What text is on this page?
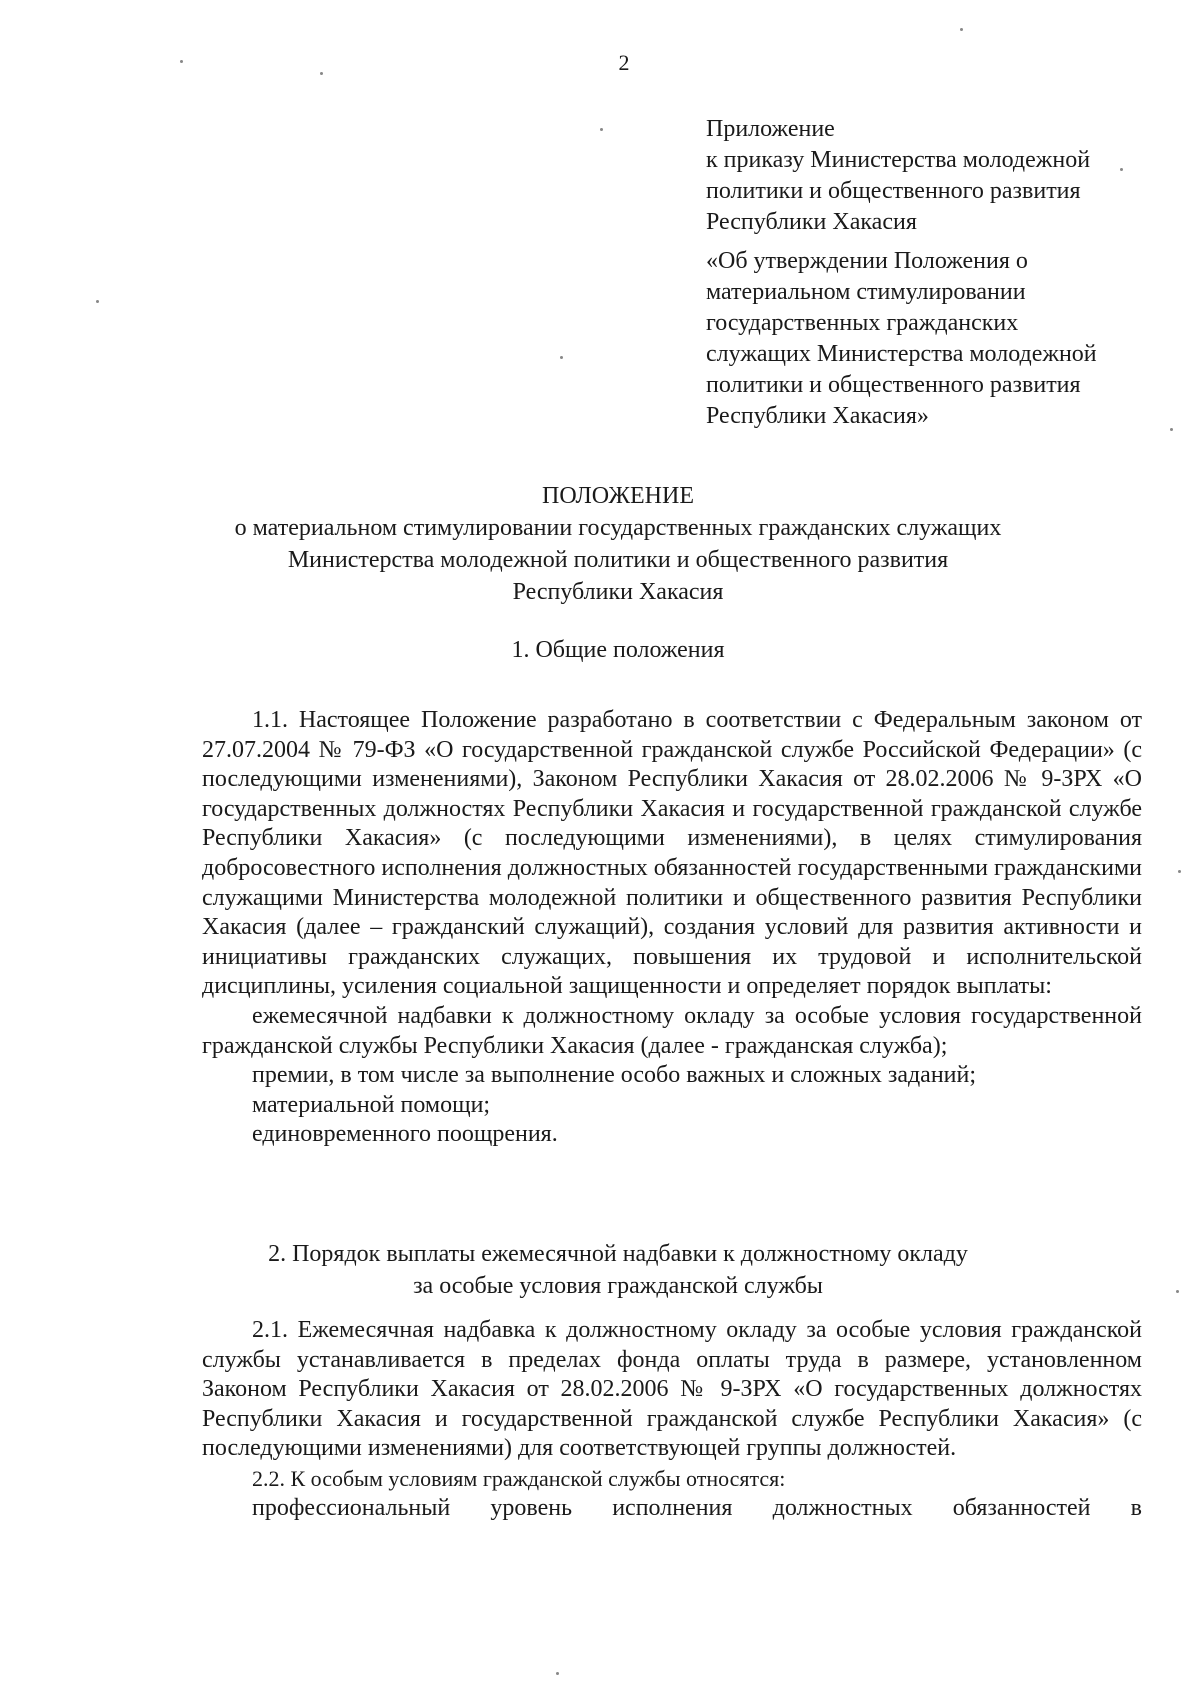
2
Приложение
к приказу Министерства молодежной
политики и общественного развития
Республики Хакасия
«Об утверждении Положения о
материальном стимулировании
государственных гражданских
служащих Министерства молодежной
политики и общественного развития
Республики Хакасия»
ПОЛОЖЕНИЕ
о материальном стимулировании государственных гражданских служащих
Министерства молодежной политики и общественного развития
Республики Хакасия
1. Общие положения
1.1. Настоящее Положение разработано в соответствии с Федеральным законом от 27.07.2004 № 79-ФЗ «О государственной гражданской службе Российской Федерации» (с последующими изменениями), Законом Республики Хакасия от 28.02.2006 № 9-ЗРХ «О государственных должностях Республики Хакасия и государственной гражданской службе Республики Хакасия» (с последующими изменениями), в целях стимулирования добросовестного исполнения должностных обязанностей государственными гражданскими служащими Министерства молодежной политики и общественного развития Республики Хакасия (далее – гражданский служащий), создания условий для развития активности и инициативы гражданских служащих, повышения их трудовой и исполнительской дисциплины, усиления социальной защищенности и определяет порядок выплаты:
ежемесячной надбавки к должностному окладу за особые условия государственной гражданской службы Республики Хакасия (далее - гражданская служба);
премии, в том числе за выполнение особо важных и сложных заданий;
материальной помощи;
единовременного поощрения.
2. Порядок выплаты ежемесячной надбавки к должностному окладу
за особые условия гражданской службы
2.1. Ежемесячная надбавка к должностному окладу за особые условия гражданской службы устанавливается в пределах фонда оплаты труда в размере, установленном Законом Республики Хакасия от 28.02.2006 № 9-ЗРХ «О государственных должностях Республики Хакасия и государственной гражданской службе Республики Хакасия» (с последующими изменениями) для соответствующей группы должностей.
2.2. К особым условиям гражданской службы относятся:
профессиональный уровень исполнения должностных обязанностей в
